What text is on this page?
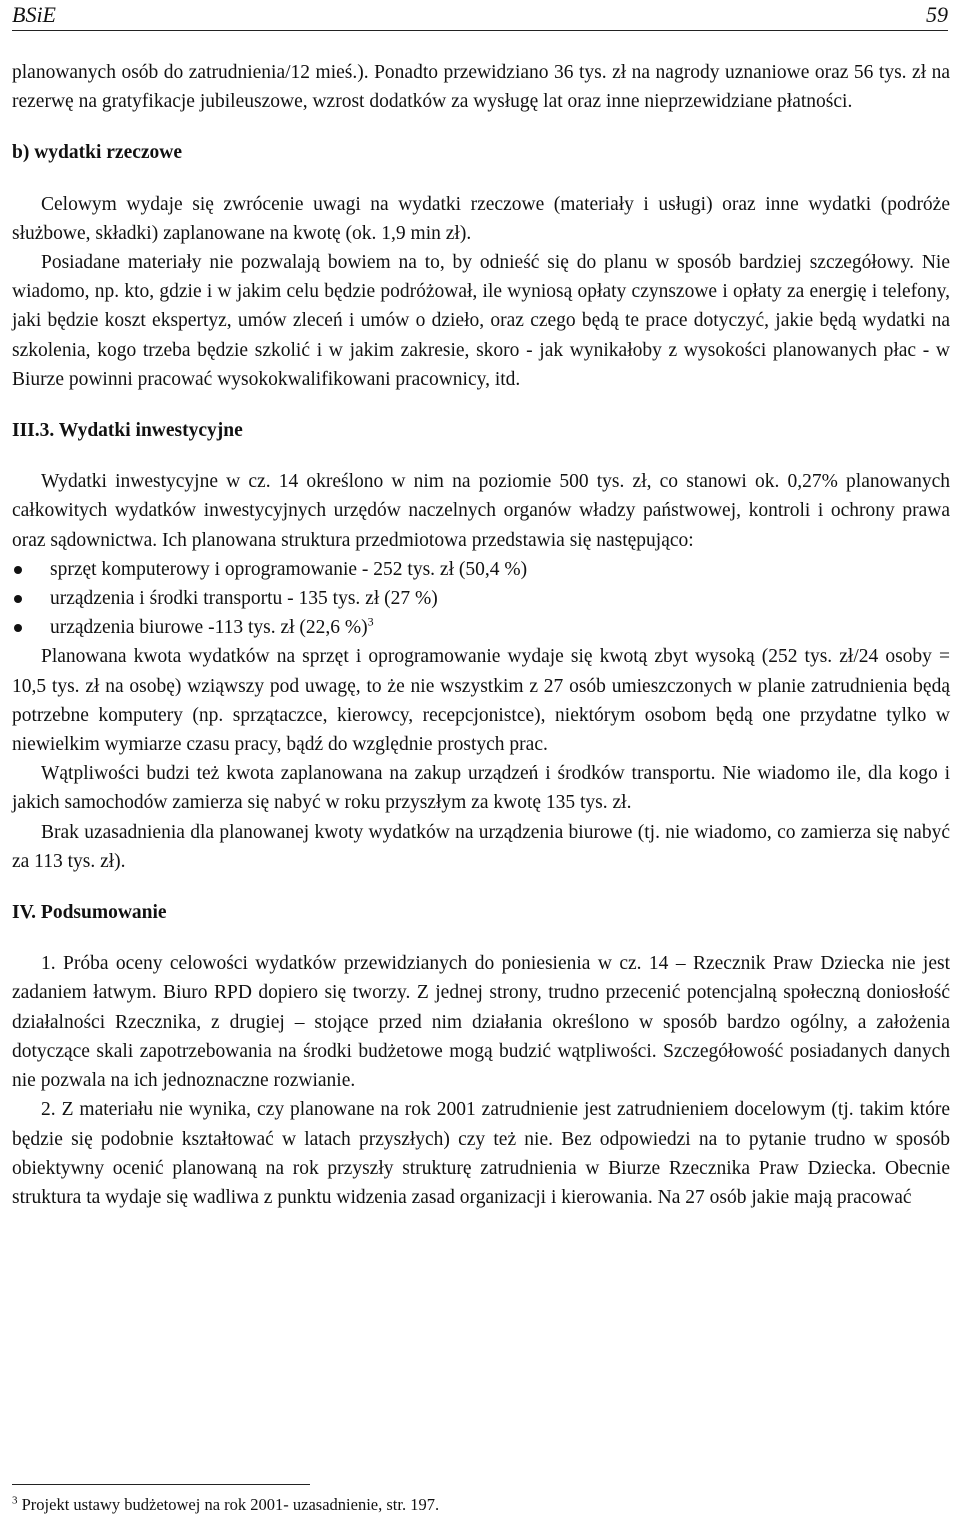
BSiE	59

planowanych osób do zatrudnienia/12 mieś.). Ponadto przewidziano 36 tys. zł na nagrody uznaniowe oraz 56 tys. zł na rezerwę na gratyfikacje jubileuszowe, wzrost dodatków za wysługę lat oraz inne nieprzewidziane płatności.

b) wydatki rzeczowe

Celowym wydaje się zwrócenie uwagi na wydatki rzeczowe (materiały i usługi) oraz inne wydatki (podróże służbowe, składki) zaplanowane na kwotę (ok. 1,9 min zł).

Posiadane materiały nie pozwalają bowiem na to, by odnieść się do planu w sposób bardziej szczegółowy. Nie wiadomo, np. kto, gdzie i w jakim celu będzie podróżował, ile wyniosą opłaty czynszowe i opłaty za energię i telefony, jaki będzie koszt ekspertyz, umów zleceń i umów o dzieło, oraz czego będą te prace dotyczyć, jakie będą wydatki na szkolenia, kogo trzeba będzie szkolić i w jakim zakresie, skoro - jak wynikałoby z wysokości planowanych płac - w Biurze powinni pracować wysokokwalifikowani pracownicy, itd.

III.3. Wydatki inwestycyjne

Wydatki inwestycyjne w cz. 14 określono w nim na poziomie 500 tys. zł, co stanowi ok. 0,27% planowanych całkowitych wydatków inwestycyjnych urzędów naczelnych organów władzy państwowej, kontroli i ochrony prawa oraz sądownictwa. Ich planowana struktura przedmiotowa przedstawia się następująco:

sprzęt komputerowy i oprogramowanie - 252 tys. zł (50,4 %)
urządzenia i środki transportu - 135 tys. zł (27 %)
urządzenia biurowe -113 tys. zł (22,6 %)$^3$

Planowana kwota wydatków na sprzęt i oprogramowanie wydaje się kwotą zbyt wysoką (252 tys. zł/24 osoby = 10,5 tys. zł na osobę) wziąwszy pod uwagę, to że nie wszystkim z 27 osób umieszczonych w planie zatrudnienia będą potrzebne komputery (np. sprzątaczce, kierowcy, recepcjonistce), niektórym osobom będą one przydatne tylko w niewielkim wymiarze czasu pracy, bądź do względnie prostych prac.

Wątpliwości budzi też kwota zaplanowana na zakup urządzeń i środków transportu. Nie wiadomo ile, dla kogo i jakich samochodów zamierza się nabyć w roku przyszłym za kwotę 135 tys. zł.

Brak uzasadnienia dla planowanej kwoty wydatków na urządzenia biurowe (tj. nie wiadomo, co zamierza się nabyć za 113 tys. zł).

IV. Podsumowanie

1. Próba oceny celowości wydatków przewidzianych do poniesienia w cz. 14 – Rzecznik Praw Dziecka nie jest zadaniem łatwym. Biuro RPD dopiero się tworzy. Z jednej strony, trudno przecenić potencjalną społeczną doniosłość działalności Rzecznika, z drugiej – stojące przed nim działania określono w sposób bardzo ogólny, a założenia dotyczące skali zapotrzebowania na środki budżetowe mogą budzić wątpliwości. Szczegółowość posiadanych danych nie pozwala na ich jednoznaczne rozwianie.

2. Z materiału nie wynika, czy planowane na rok 2001 zatrudnienie jest zatrudnieniem docelowym (tj. takim które będzie się podobnie kształtować w latach przyszłych) czy też nie. Bez odpowiedzi na to pytanie trudno w sposób obiektywny ocenić planowaną na rok przyszły strukturę zatrudnienia w Biurze Rzecznika Praw Dziecka. Obecnie struktura ta wydaje się wadliwa z punktu widzenia zasad organizacji i kierowania. Na 27 osób jakie mają pracować

$^3$ Projekt ustawy budżetowej na rok 2001- uzasadnienie, str. 197.
